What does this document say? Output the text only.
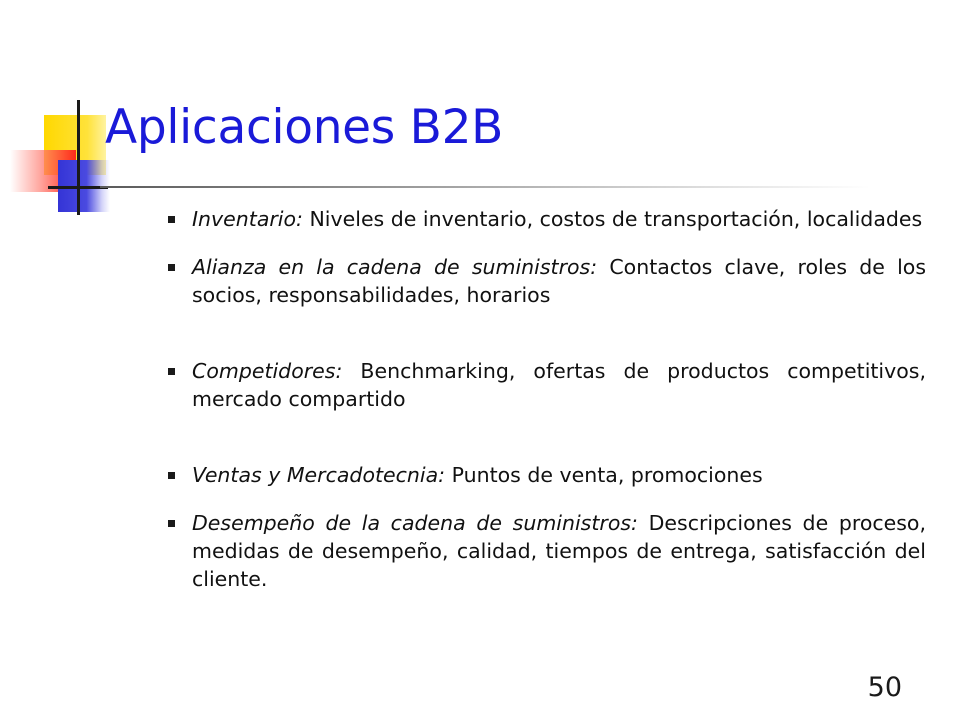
Aplicaciones B2B
Inventario: Niveles de inventario, costos de transportación, localidades
Alianza en la cadena de suministros: Contactos clave, roles de los socios, responsabilidades, horarios
Competidores: Benchmarking, ofertas de productos competitivos, mercado compartido
Ventas y Mercadotecnia: Puntos de venta, promociones
Desempeño de la cadena de suministros: Descripciones de proceso, medidas de desempeño, calidad, tiempos de entrega, satisfacción del cliente.
50
